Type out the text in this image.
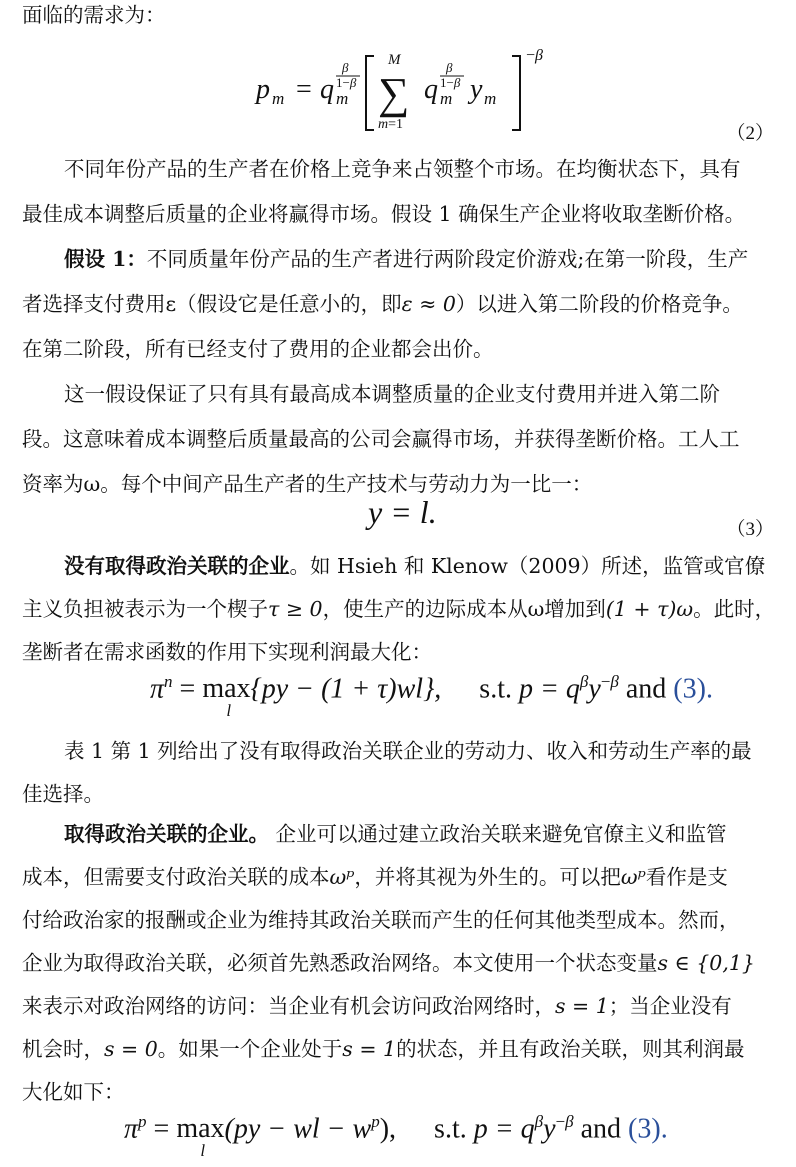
面临的需求为：
p m = q m
β
1−β
M
∑
m=1
q m
β
1−β y m
−β
（2）
不同年份产品的生产者在价格上竞争来占领整个市场。在均衡状态下，具有
最佳成本调整后质量的企业将赢得市场。假设 1 确保生产企业将收取垄断价格。
假设 1：不同质量年份产品的生产者进行两阶段定价游戏;在第一阶段，生产
者选择支付费用ε（假设它是任意小的，即ε ≈ 0）以进入第二阶段的价格竞争。
在第二阶段，所有已经支付了费用的企业都会出价。
这一假设保证了只有具有最高成本调整质量的企业支付费用并进入第二阶
段。这意味着成本调整后质量最高的公司会赢得市场，并获得垄断价格。工人工
资率为ω。每个中间产品生产者的生产技术与劳动力为一比一：
y = l.	（3）
没有取得政治关联的企业。如 Hsieh 和 Klenow（2009）所述，监管或官僚
主义负担被表示为一个楔子τ ≥ 0，使生产的边际成本从ω增加到(1 + τ)ω。此时，
垄断者在需求函数的作用下实现利润最大化：
$\pi^n = \max$
l
{py − (1 + τ)wl}, s.t. $p = q^\beta y^{-\beta}$ and (3).
表 1 第 1 列给出了没有取得政治关联企业的劳动力、收入和劳动生产率的最
佳选择。
取得政治关联的企业。 企业可以通过建立政治关联来避免官僚主义和监管
成本，但需要支付政治关联的成本ωᵖ，并将其视为外生的。可以把ωᵖ看作是支
付给政治家的报酬或企业为维持其政治关联而产生的任何其他类型成本。然而，
企业为取得政治关联，必须首先熟悉政治网络。本文使用一个状态变量s ∈ {0,1}
来表示对政治网络的访问：当企业有机会访问政治网络时，s = 1；当企业没有
机会时，s = 0。如果一个企业处于s = 1的状态，并且有政治关联，则其利润最
大化如下：
$\pi^p = \max$
l
(py − wl − $w^p$), s.t. $p = q^\beta y^{-\beta}$ and (3).
